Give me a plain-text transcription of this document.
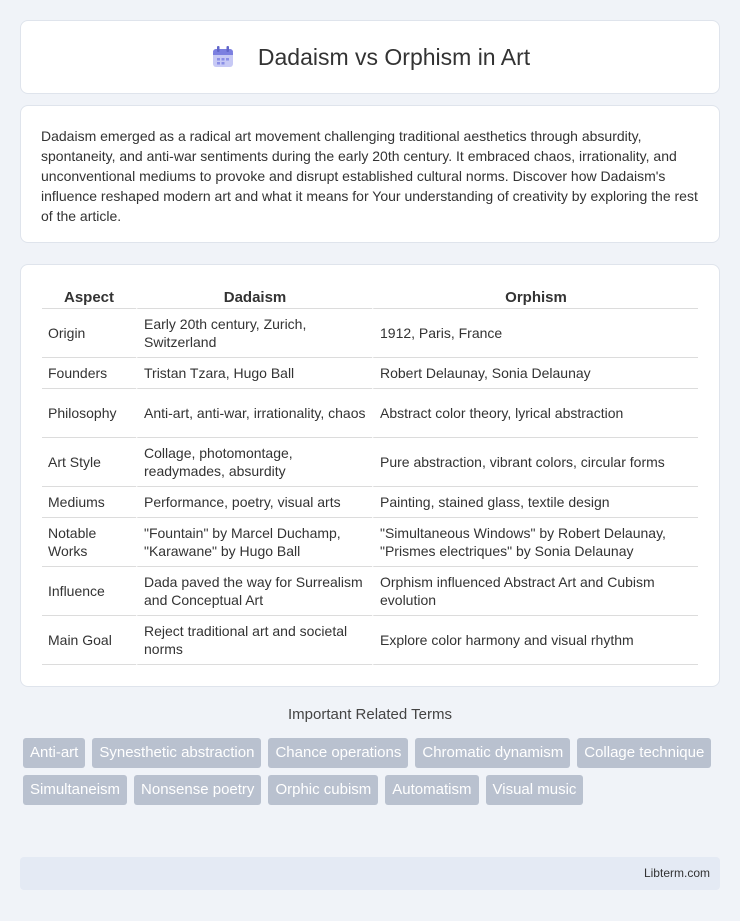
Dadaism vs Orphism in Art

Dadaism emerged as a radical art movement challenging traditional aesthetics through absurdity, spontaneity, and anti-war sentiments during the early 20th century. It embraced chaos, irrationality, and unconventional mediums to provoke and disrupt established cultural norms. Discover how Dadaism's influence reshaped modern art and what it means for Your understanding of creativity by exploring the rest of the article.

Aspect	Dadaism	Orphism
Origin	Early 20th century, Zurich, Switzerland	1912, Paris, France
Founders	Tristan Tzara, Hugo Ball	Robert Delaunay, Sonia Delaunay
Philosophy	Anti-art, anti-war, irrationality, chaos	Abstract color theory, lyrical abstraction
Art Style	Collage, photomontage, readymades, absurdity	Pure abstraction, vibrant colors, circular forms
Mediums	Performance, poetry, visual arts	Painting, stained glass, textile design
Notable Works	"Fountain" by Marcel Duchamp, "Karawane" by Hugo Ball	"Simultaneous Windows" by Robert Delaunay, "Prismes electriques" by Sonia Delaunay
Influence	Dada paved the way for Surrealism and Conceptual Art	Orphism influenced Abstract Art and Cubism evolution
Main Goal	Reject traditional art and societal norms	Explore color harmony and visual rhythm
Important Related Terms
Anti-art	Synesthetic abstraction	Chance operations	Chromatic dynamism	Collage technique
Simultaneism	Nonsense poetry	Orphic cubism	Automatism	Visual music
Libterm.com
